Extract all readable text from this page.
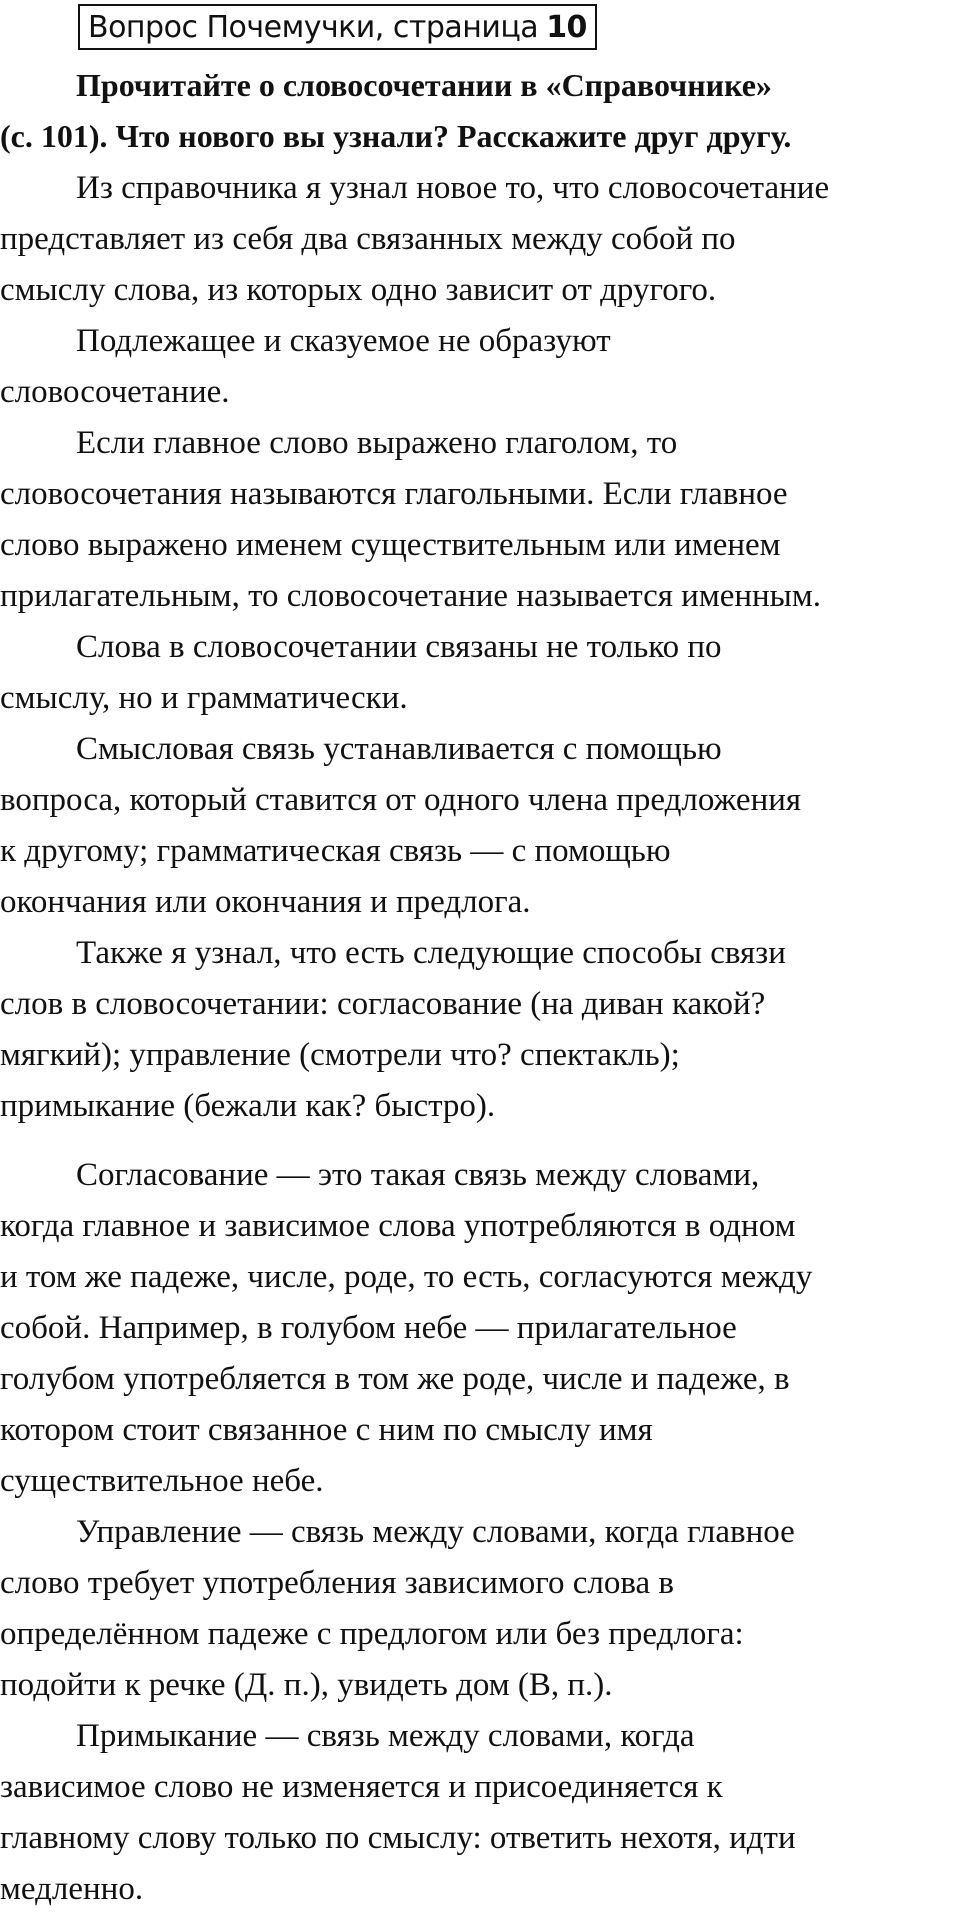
Вопрос Почемучки, страница 10
Прочитайте о словосочетании в «Справочнике»
(с. 101). Что нового вы узнали? Расскажите друг другу.
Из справочника я узнал новое то, что словосочетание
представляет из себя два связанных между собой по
смыслу слова, из которых одно зависит от другого.
Подлежащее и сказуемое не образуют
словосочетание.
Если главное слово выражено глаголом, то
словосочетания называются глагольными. Если главное
слово выражено именем существительным или именем
прилагательным, то словосочетание называется именным.
Слова в словосочетании связаны не только по
смыслу, но и грамматически.
Смысловая связь устанавливается с помощью
вопроса, который ставится от одного члена предложения
к другому; грамматическая связь — с помощью
окончания или окончания и предлога.
Также я узнал, что есть следующие способы связи
слов в словосочетании: согласование (на диван какой?
мягкий); управление (смотрели что? спектакль);
примыкание (бежали как? быстро).
Согласование — это такая связь между словами,
когда главное и зависимое слова употребляются в одном
и том же падеже, числе, роде, то есть, согласуются между
собой. Например, в голубом небе — прилагательное
голубом употребляется в том же роде, числе и падеже, в
котором стоит связанное с ним по смыслу имя
существительное небе.
Управление — связь между словами, когда главное
слово требует употребления зависимого слова в
определённом падеже с предлогом или без предлога:
подойти к речке (Д. п.), увидеть дом (В, п.).
Примыкание — связь между словами, когда
зависимое слово не изменяется и присоединяется к
главному слову только по смыслу: ответить нехотя, идти
медленно.
